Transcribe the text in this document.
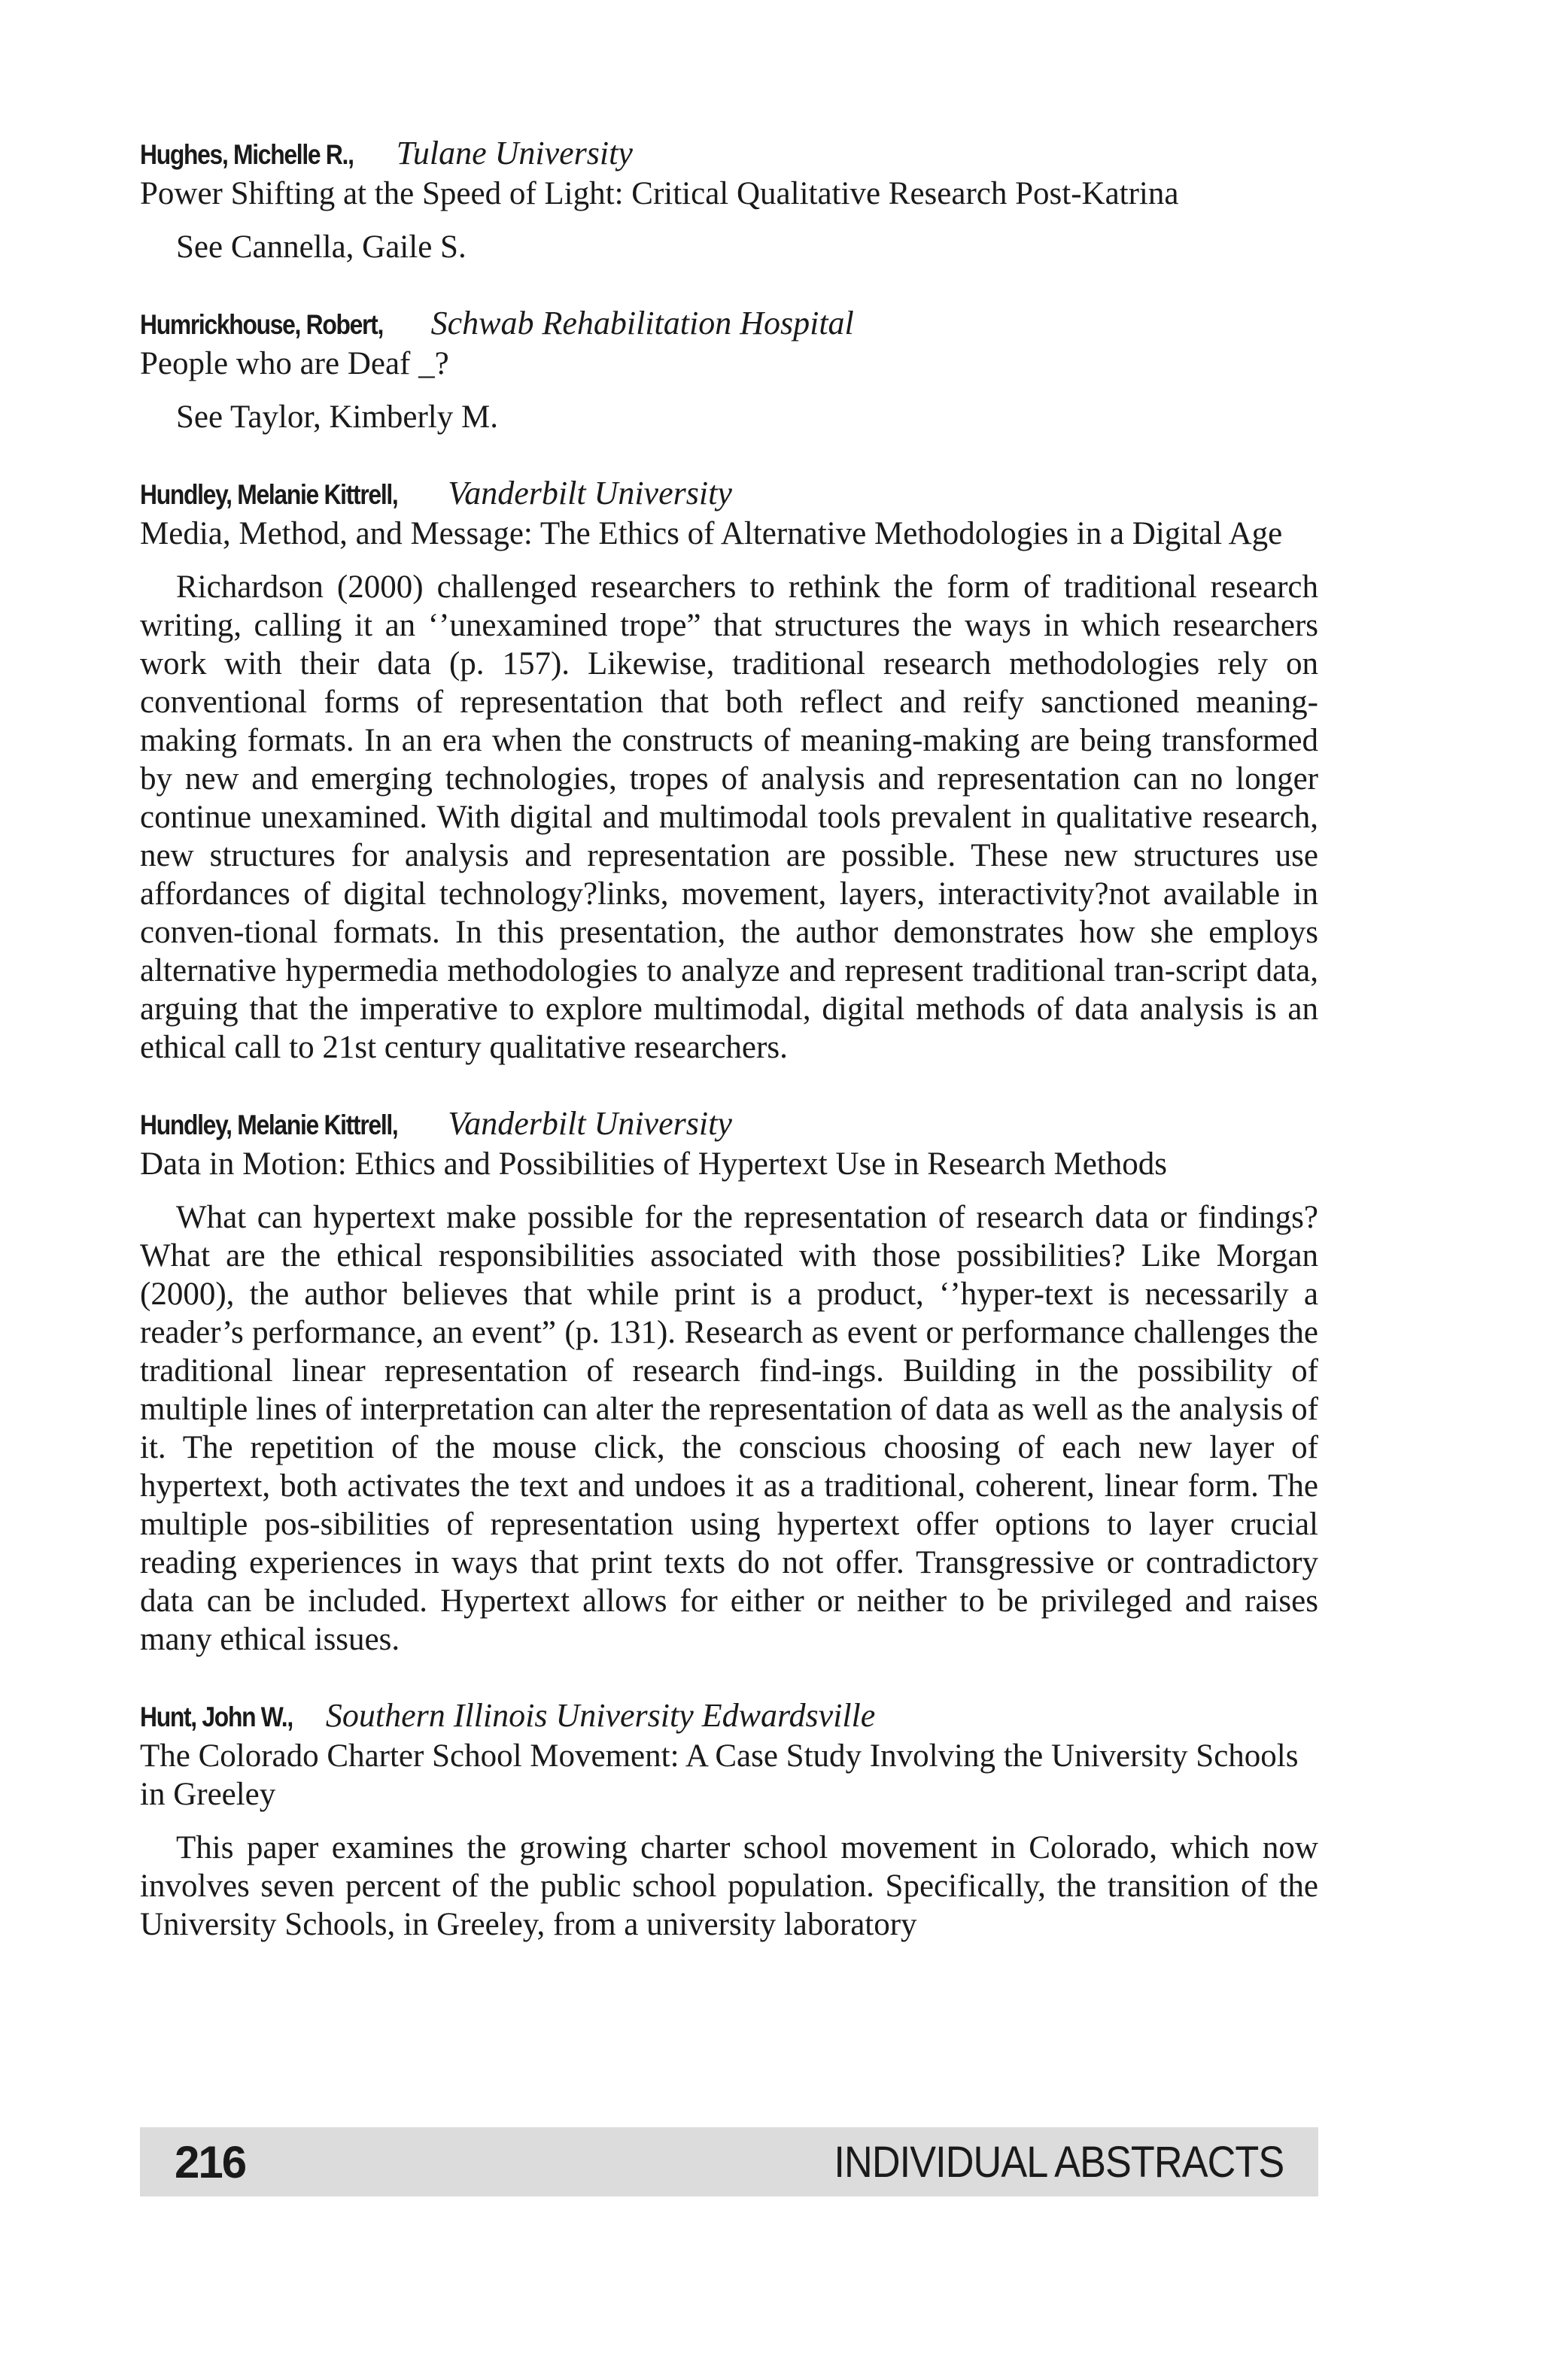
Hughes, Michelle R., Tulane University

Power Shifting at the Speed of Light: Critical Qualitative Research Post-Katrina

See Cannella, Gaile S.

Humrickhouse, Robert, Schwab Rehabilitation Hospital

People who are Deaf _?

See Taylor, Kimberly M.

Hundley, Melanie Kittrell, Vanderbilt University

Media, Method, and Message: The Ethics of Alternative Methodologies in a Digital Age

Richardson (2000) challenged researchers to rethink the form of traditional research writing, calling it an ‘’unexamined trope” that structures the ways in which researchers work with their data (p. 157). Likewise, traditional research methodologies rely on conventional forms of representation that both reflect and reify sanctioned meaning-making formats. In an era when the constructs of meaning-making are being transformed by new and emerging technologies, tropes of analysis and representation can no longer continue unexamined. With digital and multimodal tools prevalent in qualitative research, new structures for analysis and representation are possible. These new structures use affordances of digital technology?links, movement, layers, interactivity?not available in conven-tional formats. In this presentation, the author demonstrates how she employs alternative hypermedia methodologies to analyze and represent traditional tran-script data, arguing that the imperative to explore multimodal, digital methods of data analysis is an ethical call to 21st century qualitative researchers.

Hundley, Melanie Kittrell, Vanderbilt University

Data in Motion: Ethics and Possibilities of Hypertext Use in Research Methods

What can hypertext make possible for the representation of research data or findings? What are the ethical responsibilities associated with those possibilities? Like Morgan (2000), the author believes that while print is a product, ‘’hyper-text is necessarily a reader’s performance, an event” (p. 131). Research as event or performance challenges the traditional linear representation of research find-ings. Building in the possibility of multiple lines of interpretation can alter the representation of data as well as the analysis of it. The repetition of the mouse click, the conscious choosing of each new layer of hypertext, both activates the text and undoes it as a traditional, coherent, linear form. The multiple pos-sibilities of representation using hypertext offer options to layer crucial reading experiences in ways that print texts do not offer. Transgressive or contradictory data can be included. Hypertext allows for either or neither to be privileged and raises many ethical issues.

Hunt, John W., Southern Illinois University Edwardsville

The Colorado Charter School Movement: A Case Study Involving the University Schools in Greeley

This paper examines the growing charter school movement in Colorado, which now involves seven percent of the public school population. Specifically, the transition of the University Schools, in Greeley, from a university laboratory

216	INDIVIDUAL ABSTRACTS
